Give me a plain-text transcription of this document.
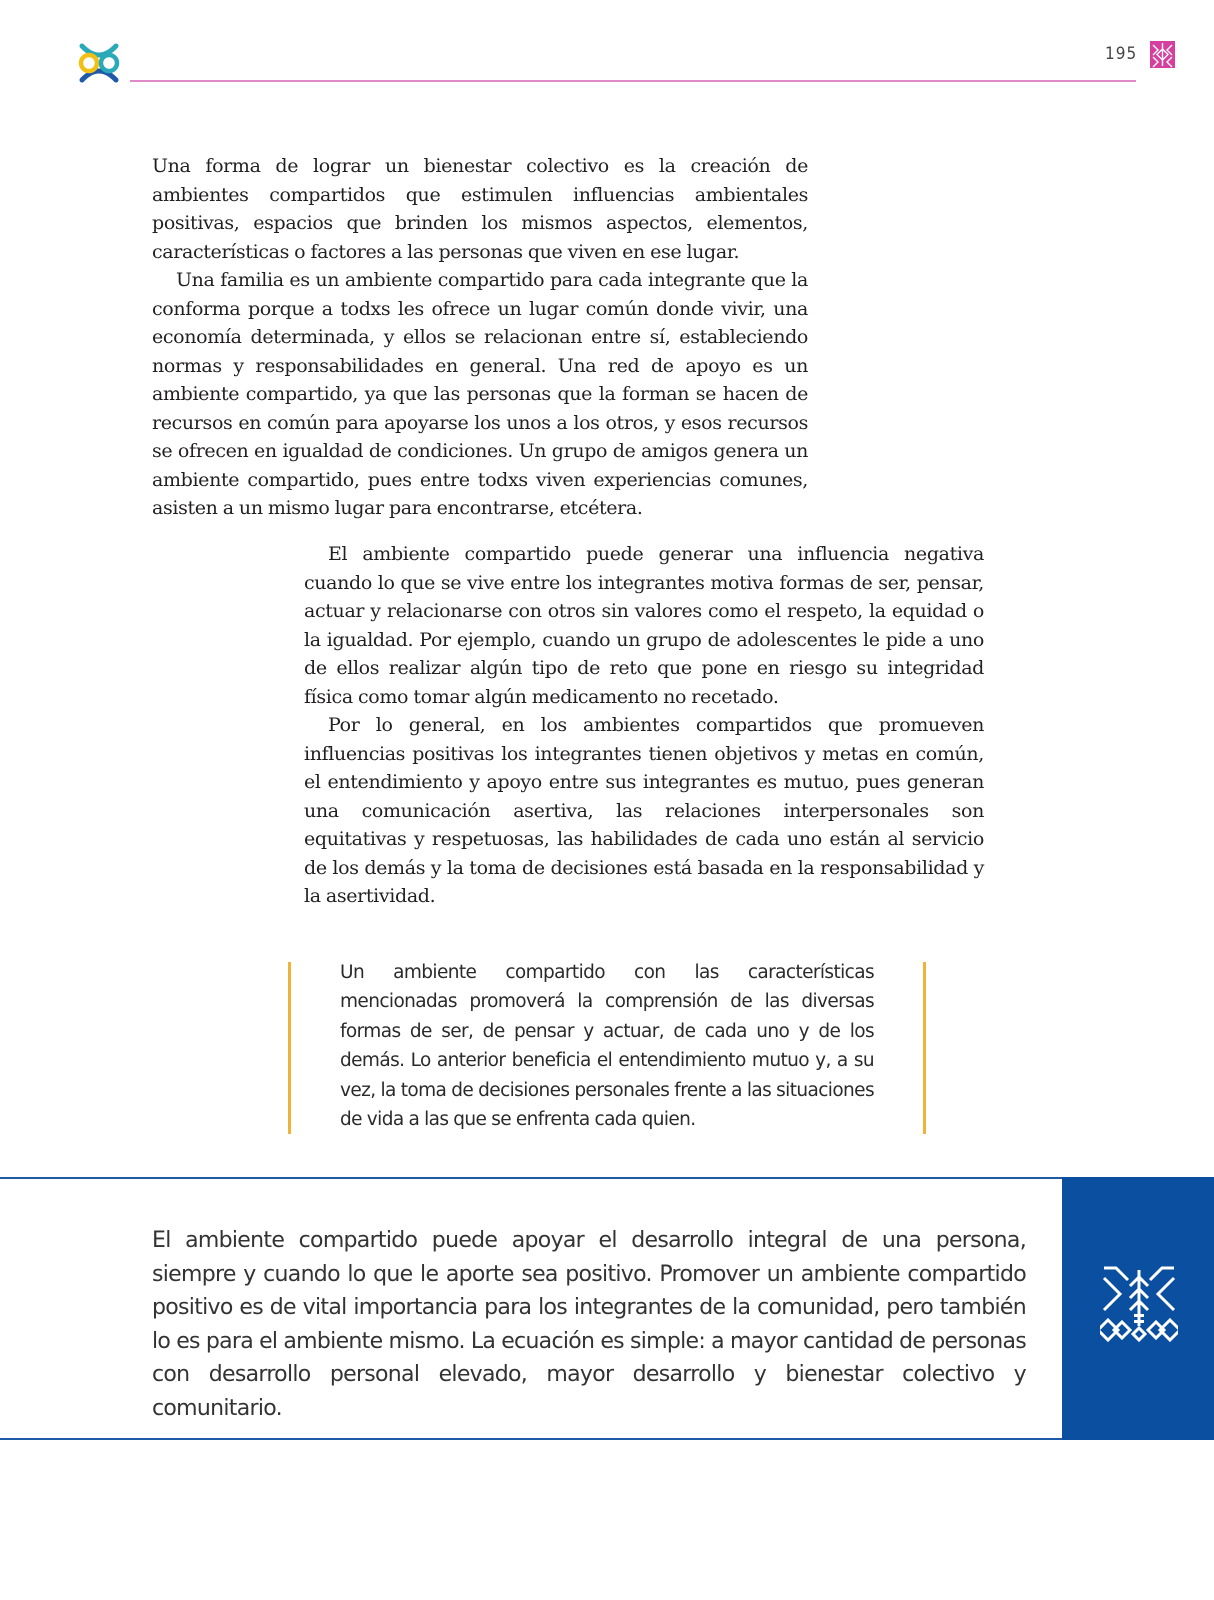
195

Una forma de lograr un bienestar colectivo es la creación de ambientes compartidos que estimulen influencias ambientales positivas, espacios que brinden los mismos aspectos, elementos, características o factores a las personas que viven en ese lugar.

Una familia es un ambiente compartido para cada integrante que la conforma porque a todxs les ofrece un lugar común donde vivir, una economía determinada, y ellos se relacionan entre sí, estableciendo normas y responsabilidades en general. Una red de apoyo es un ambiente compartido, ya que las personas que la forman se hacen de recursos en común para apoyarse los unos a los otros, y esos recursos se ofrecen en igualdad de condiciones. Un grupo de amigos genera un ambiente compartido, pues entre todxs viven experiencias comunes, asisten a un mismo lugar para encontrarse, etcétera.

El ambiente compartido puede generar una influencia negativa cuando lo que se vive entre los integrantes motiva formas de ser, pensar, actuar y relacionarse con otros sin valores como el respeto, la equidad o la igualdad. Por ejemplo, cuando un grupo de adolescentes le pide a uno de ellos realizar algún tipo de reto que pone en riesgo su integridad física como tomar algún medicamento no recetado.

Por lo general, en los ambientes compartidos que promueven influencias positivas los integrantes tienen objetivos y metas en común, el entendimiento y apoyo entre sus integrantes es mutuo, pues generan una comunicación asertiva, las relaciones interpersonales son equitativas y respetuosas, las habilidades de cada uno están al servicio de los demás y la toma de decisiones está basada en la responsabilidad y la asertividad.

Un ambiente compartido con las características mencionadas promoverá la comprensión de las diversas formas de ser, de pensar y actuar, de cada uno y de los demás. Lo anterior beneficia el entendimiento mutuo y, a su vez, la toma de decisiones personales frente a las situaciones de vida a las que se enfrenta cada quien.

El ambiente compartido puede apoyar el desarrollo integral de una persona, siempre y cuando lo que le aporte sea positivo. Promover un ambiente compartido positivo es de vital importancia para los integrantes de la comunidad, pero también lo es para el ambiente mismo. La ecuación es simple: a mayor cantidad de personas con desarrollo personal elevado, mayor desarrollo y bienestar colectivo y comunitario.
